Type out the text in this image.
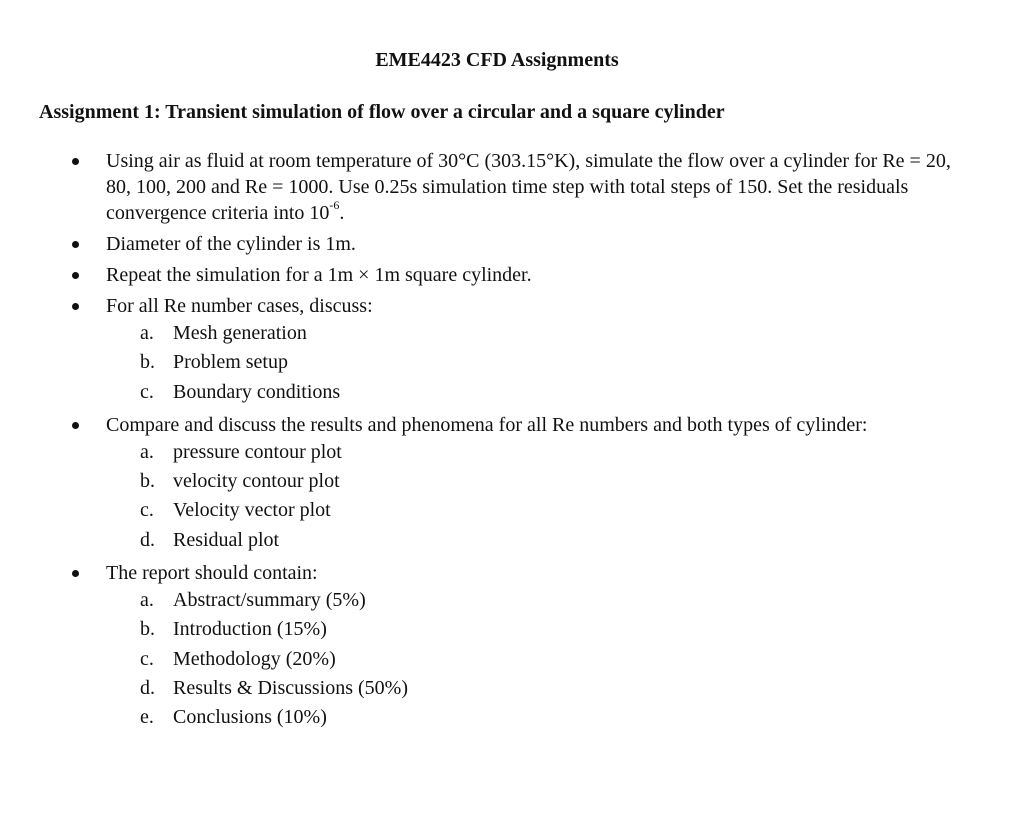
EME4423 CFD Assignments
Assignment 1: Transient simulation of flow over a circular and a square cylinder
Using air as fluid at room temperature of 30°C (303.15°K), simulate the flow over a cylinder for Re = 20, 80, 100, 200 and Re = 1000. Use 0.25s simulation time step with total steps of 150. Set the residuals convergence criteria into $10^{-6}$.
Diameter of the cylinder is 1m.
Repeat the simulation for a 1m × 1m square cylinder.
For all Re number cases, discuss:
a. Mesh generation
b. Problem setup
c. Boundary conditions
Compare and discuss the results and phenomena for all Re numbers and both types of cylinder:
a. pressure contour plot
b. velocity contour plot
c. Velocity vector plot
d. Residual plot
The report should contain:
a. Abstract/summary (5%)
b. Introduction (15%)
c. Methodology (20%)
d. Results & Discussions (50%)
e. Conclusions (10%)
